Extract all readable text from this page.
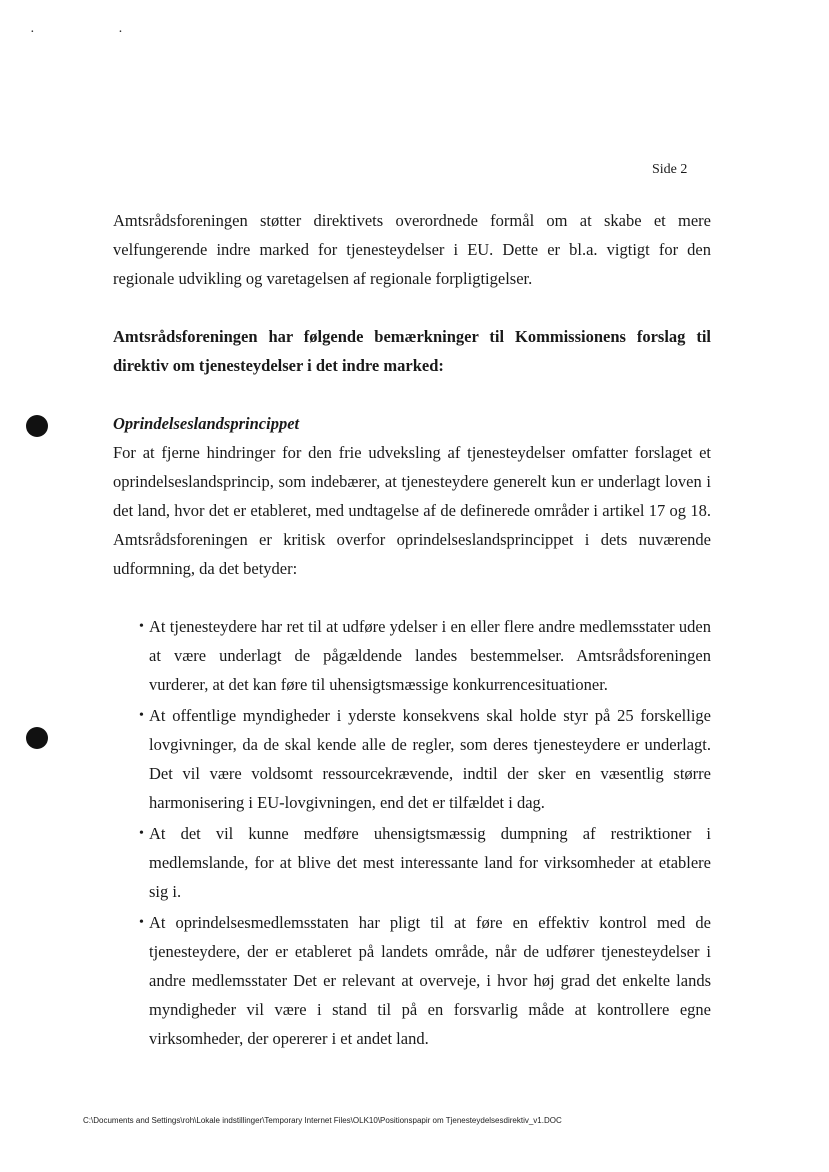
· ·
Side 2

Amtsrådsforeningen støtter direktivets overordnede formål om at skabe et mere velfungerende indre marked for tjenesteydelser i EU. Dette er bl.a. vigtigt for den regionale udvikling og varetagelsen af regionale forpligtigelser.

Amtsrådsforeningen har følgende bemærkninger til Kommissionens forslag til direktiv om tjenesteydelser i det indre marked:

Oprindelseslandsprincippet

For at fjerne hindringer for den frie udveksling af tjenesteydelser omfatter forslaget et oprindelseslandsprincip, som indebærer, at tjenesteydere generelt kun er underlagt loven i det land, hvor det er etableret, med undtagelse af de definerede områder i artikel 17 og 18. Amtsrådsforeningen er kritisk overfor oprindelseslandsprincippet i dets nuværende udformning, da det betyder:

• At tjenesteydere har ret til at udføre ydelser i en eller flere andre medlemsstater uden at være underlagt de pågældende landes bestemmelser. Amtsrådsforeningen vurderer, at det kan føre til uhensigtsmæssige konkurrencesituationer.
• At offentlige myndigheder i yderste konsekvens skal holde styr på 25 forskellige lovgivninger, da de skal kende alle de regler, som deres tjenesteydere er underlagt. Det vil være voldsomt ressourcekrævende, indtil der sker en væsentlig større harmonisering i EU-lovgivningen, end det er tilfældet i dag.
• At det vil kunne medføre uhensigtsmæssig dumpning af restriktioner i medlemslande, for at blive det mest interessante land for virksomheder at etablere sig i.
• At oprindelsesmedlemsstaten har pligt til at føre en effektiv kontrol med de tjenesteydere, der er etableret på landets område, når de udfører tjenesteydelser i andre medlemsstater Det er relevant at overveje, i hvor høj grad det enkelte lands myndigheder vil være i stand til på en forsvarlig måde at kontrollere egne virksomheder, der opererer i et andet land.
C:\Documents and Settings\roh\Lokale indstillinger\Temporary Internet Files\OLK10\Positionspapir om Tjenesteydelsesdirektiv_v1.DOC
